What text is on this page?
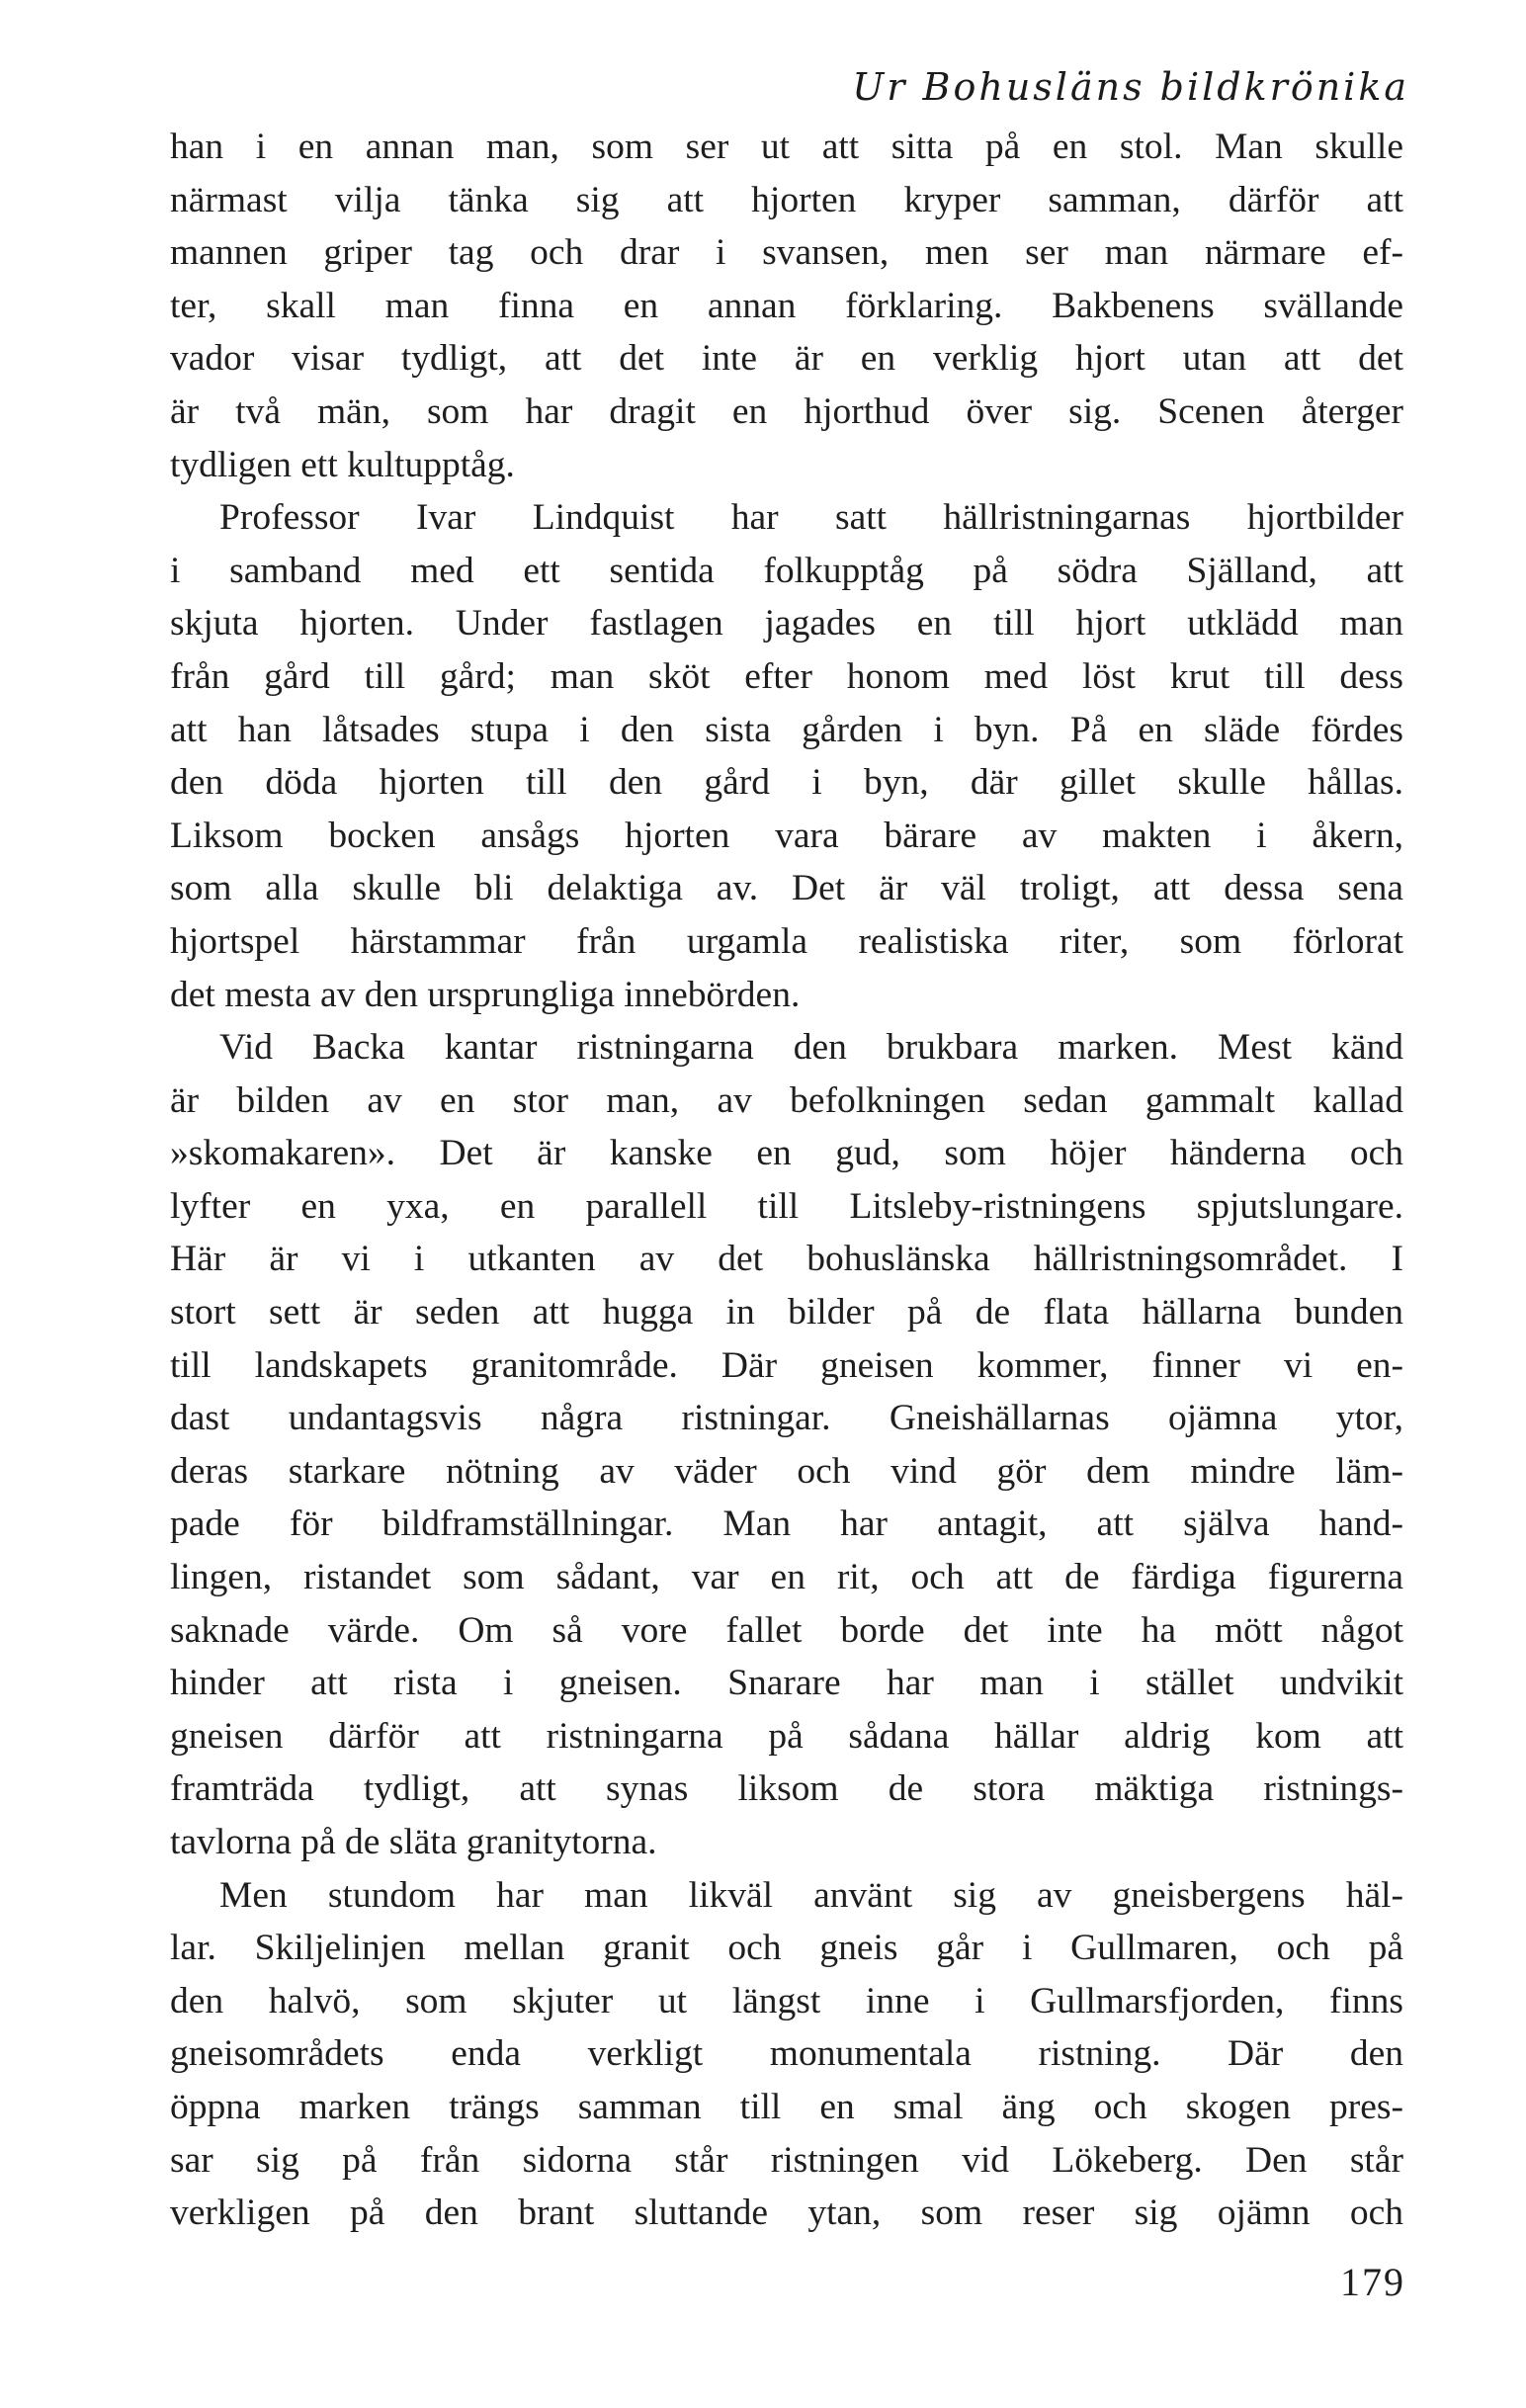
Ur Bohusläns bildkrönika

han i en annan man, som ser ut att sitta på en stol. Man skulle
närmast vilja tänka sig att hjorten kryper samman, därför att
mannen griper tag och drar i svansen, men ser man närmare ef-
ter, skall man finna en annan förklaring. Bakbenens svällande
vador visar tydligt, att det inte är en verklig hjort utan att det
är två män, som har dragit en hjorthud över sig. Scenen återger
tydligen ett kultupptåg.

Professor Ivar Lindquist har satt hällristningarnas hjortbilder
i samband med ett sentida folkupptåg på södra Själland, att
skjuta hjorten. Under fastlagen jagades en till hjort utklädd man
från gård till gård; man sköt efter honom med löst krut till dess
att han låtsades stupa i den sista gården i byn. På en släde fördes
den döda hjorten till den gård i byn, där gillet skulle hållas.
Liksom bocken ansågs hjorten vara bärare av makten i åkern,
som alla skulle bli delaktiga av. Det är väl troligt, att dessa sena
hjortspel härstammar från urgamla realistiska riter, som förlorat
det mesta av den ursprungliga innebörden.

Vid Backa kantar ristningarna den brukbara marken. Mest känd
är bilden av en stor man, av befolkningen sedan gammalt kallad
»skomakaren». Det är kanske en gud, som höjer händerna och
lyfter en yxa, en parallell till Litsleby-ristningens spjutslungare.
Här är vi i utkanten av det bohuslänska hällristningsområdet. I
stort sett är seden att hugga in bilder på de flata hällarna bunden
till landskapets granitområde. Där gneisen kommer, finner vi en-
dast undantagsvis några ristningar. Gneishällarnas ojämna ytor,
deras starkare nötning av väder och vind gör dem mindre läm-
pade för bildframställningar. Man har antagit, att själva hand-
lingen, ristandet som sådant, var en rit, och att de färdiga figurerna
saknade värde. Om så vore fallet borde det inte ha mött något
hinder att rista i gneisen. Snarare har man i stället undvikit
gneisen därför att ristningarna på sådana hällar aldrig kom att
framträda tydligt, att synas liksom de stora mäktiga ristnings-
tavlorna på de släta granitytorna.

Men stundom har man likväl använt sig av gneisbergens häl-
lar. Skiljelinjen mellan granit och gneis går i Gullmaren, och på
den halvö, som skjuter ut längst inne i Gullmarsfjorden, finns
gneisområdets enda verkligt monumentala ristning. Där den
öppna marken trängs samman till en smal äng och skogen pres-
sar sig på från sidorna står ristningen vid Lökeberg. Den står
verkligen på den brant sluttande ytan, som reser sig ojämn och

179
